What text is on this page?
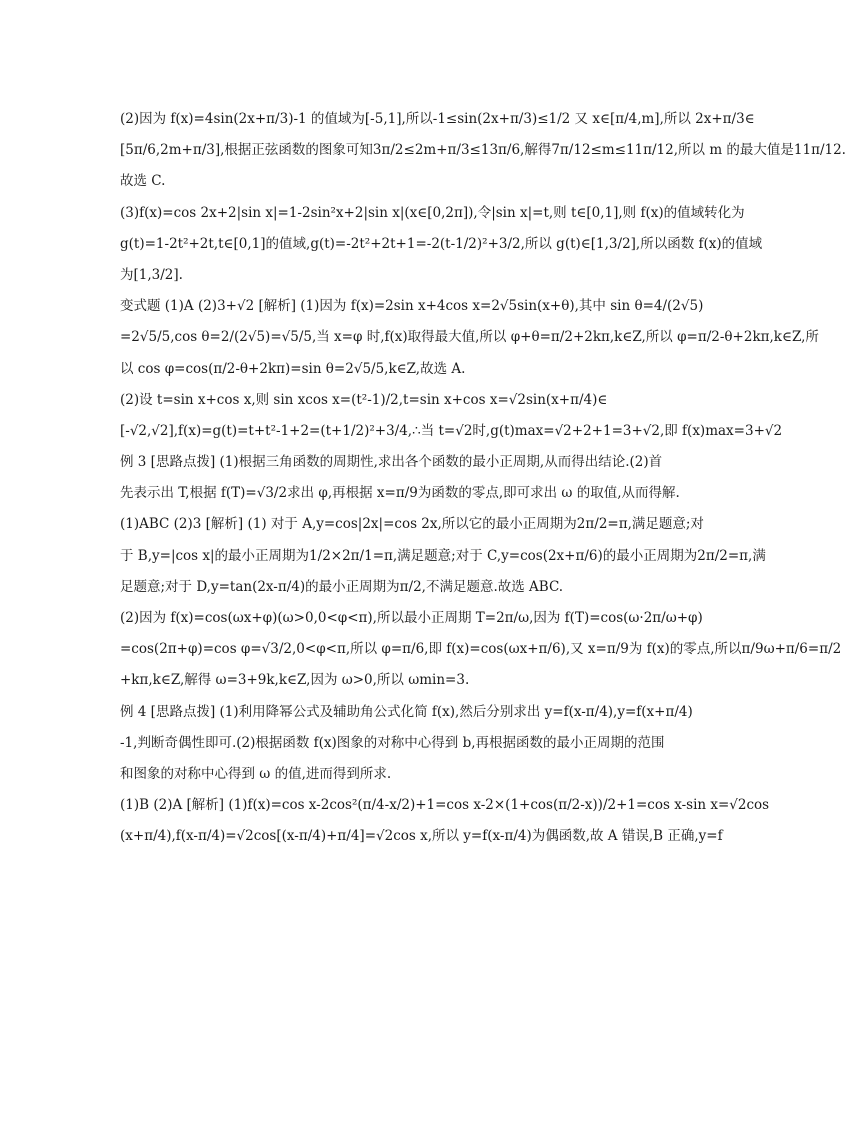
(2)因为 f(x)=4sin(2x+π/3)-1 的值域为[-5,1],所以-1≤sin(2x+π/3)≤1/2 又 x∈[π/4,m],所以 2x+π/3∈
[5π/6,2m+π/3],根据正弦函数的图象可知3π/2≤2m+π/3≤13π/6,解得7π/12≤m≤11π/12,所以 m 的最大值是11π/12.
故选 C.
(3)f(x)=cos 2x+2|sin x|=1-2sin²x+2|sin x|(x∈[0,2π]),令|sin x|=t,则 t∈[0,1],则 f(x)的值域转化为
g(t)=1-2t²+2t,t∈[0,1]的值域,g(t)=-2t²+2t+1=-2(t-1/2)²+3/2,所以 g(t)∈[1,3/2],所以函数 f(x)的值域
为[1,3/2].
变式题 (1)A (2)3+√2 [解析] (1)因为 f(x)=2sin x+4cos x=2√5sin(x+θ),其中 sin θ=4/(2√5)
=2√5/5,cos θ=2/(2√5)=√5/5,当 x=φ 时,f(x)取得最大值,所以 φ+θ=π/2+2kπ,k∈Z,所以 φ=π/2-θ+2kπ,k∈Z,所
以 cos φ=cos(π/2-θ+2kπ)=sin θ=2√5/5,k∈Z,故选 A.
(2)设 t=sin x+cos x,则 sin xcos x=(t²-1)/2,t=sin x+cos x=√2sin(x+π/4)∈
[-√2,√2],f(x)=g(t)=t+t²-1+2=(t+1/2)²+3/4,∴当 t=√2时,g(t)max=√2+2+1=3+√2,即 f(x)max=3+√2
例 3 [思路点拨] (1)根据三角函数的周期性,求出各个函数的最小正周期,从而得出结论.(2)首
先表示出 T,根据 f(T)=√3/2求出 φ,再根据 x=π/9为函数的零点,即可求出 ω 的取值,从而得解.
(1)ABC (2)3 [解析] (1) 对于 A,y=cos|2x|=cos 2x,所以它的最小正周期为2π/2=π,满足题意;对
于 B,y=|cos x|的最小正周期为1/2×2π/1=π,满足题意;对于 C,y=cos(2x+π/6)的最小正周期为2π/2=π,满
足题意;对于 D,y=tan(2x-π/4)的最小正周期为π/2,不满足题意.故选 ABC.
(2)因为 f(x)=cos(ωx+φ)(ω>0,0<φ<π),所以最小正周期 T=2π/ω,因为 f(T)=cos(ω·2π/ω+φ)
=cos(2π+φ)=cos φ=√3/2,0<φ<π,所以 φ=π/6,即 f(x)=cos(ωx+π/6),又 x=π/9为 f(x)的零点,所以π/9ω+π/6=π/2
+kπ,k∈Z,解得 ω=3+9k,k∈Z,因为 ω>0,所以 ωmin=3.
例 4 [思路点拨] (1)利用降幂公式及辅助角公式化简 f(x),然后分别求出 y=f(x-π/4),y=f(x+π/4)
-1,判断奇偶性即可.(2)根据函数 f(x)图象的对称中心得到 b,再根据函数的最小正周期的范围
和图象的对称中心得到 ω 的值,进而得到所求.
(1)B (2)A [解析] (1)f(x)=cos x-2cos²(π/4-x/2)+1=cos x-2×(1+cos(π/2-x))/2+1=cos x-sin x=√2cos
(x+π/4),f(x-π/4)=√2cos[(x-π/4)+π/4]=√2cos x,所以 y=f(x-π/4)为偶函数,故 A 错误,B 正确,y=f
